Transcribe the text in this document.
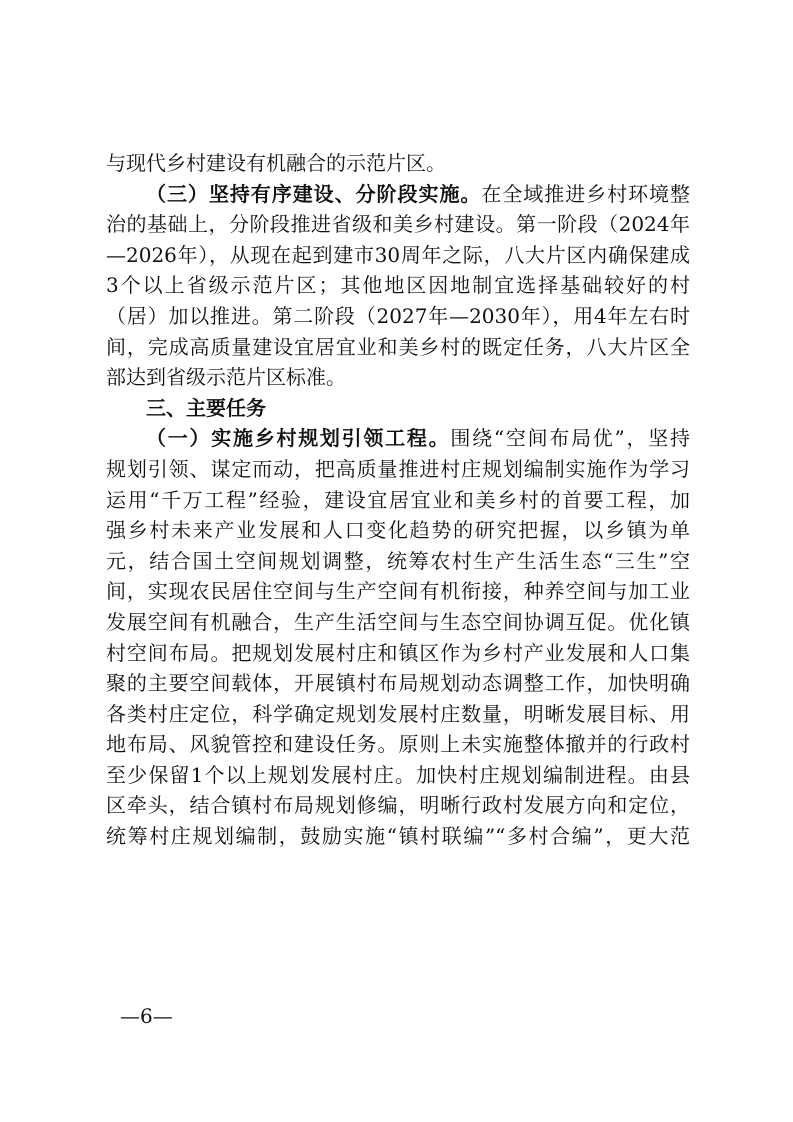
与现代乡村建设有机融合的示范片区。
（三）坚持有序建设、分阶段实施。在全域推进乡村环境整
治的基础上，分阶段推进省级和美乡村建设。第一阶段（2024年
—2026年），从现在起到建市30周年之际，八大片区内确保建成
3个以上省级示范片区；其他地区因地制宜选择基础较好的村
（居）加以推进。第二阶段（2027年—2030年），用4年左右时
间，完成高质量建设宜居宜业和美乡村的既定任务，八大片区全
部达到省级示范片区标准。
三、主要任务
（一）实施乡村规划引领工程。围绕“空间布局优”，坚持
规划引领、谋定而动，把高质量推进村庄规划编制实施作为学习
运用“千万工程”经验，建设宜居宜业和美乡村的首要工程，加
强乡村未来产业发展和人口变化趋势的研究把握，以乡镇为单
元，结合国土空间规划调整，统筹农村生产生活生态“三生”空
间，实现农民居住空间与生产空间有机衔接，种养空间与加工业
发展空间有机融合，生产生活空间与生态空间协调互促。优化镇
村空间布局。把规划发展村庄和镇区作为乡村产业发展和人口集
聚的主要空间载体，开展镇村布局规划动态调整工作，加快明确
各类村庄定位，科学确定规划发展村庄数量，明晰发展目标、用
地布局、风貌管控和建设任务。原则上未实施整体撤并的行政村
至少保留1个以上规划发展村庄。加快村庄规划编制进程。由县
区牵头，结合镇村布局规划修编，明晰行政村发展方向和定位，
统筹村庄规划编制，鼓励实施“镇村联编”“多村合编”，更大范
—6—
